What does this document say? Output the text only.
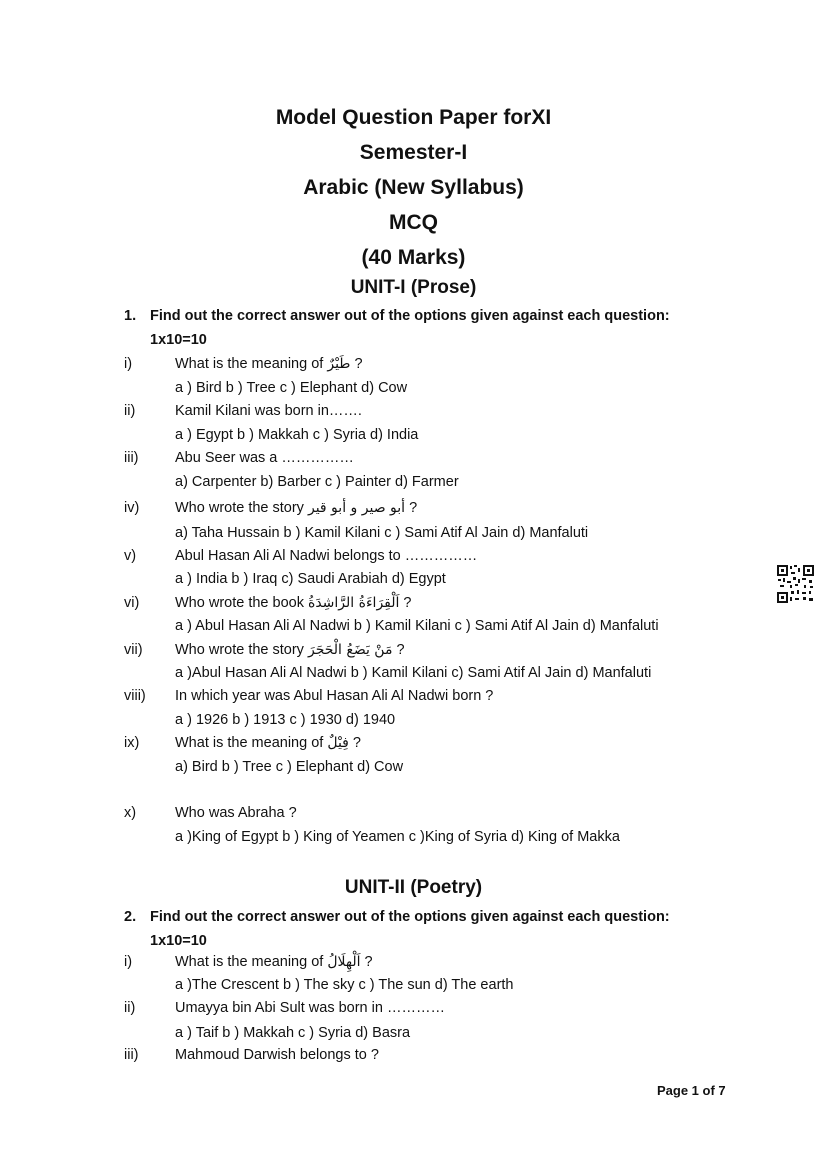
Model Question Paper forXI
Semester-I
Arabic (New Syllabus)
MCQ
(40 Marks)
UNIT-I (Prose)
1. Find out the correct answer out of the options given against each question:
1x10=10
i)	What is the meaning of طَيْرٌ ?
a ) Bird b ) Tree c ) Elephant d) Cow
ii)	Kamil Kilani was born in…….
a ) Egypt b ) Makkah c ) Syria d) India
iii)	Abu Seer was a ……………
a) Carpenter b) Barber c ) Painter d) Farmer
iv) Who wrote the story أبو صير و أبو قير ?
a) Taha Hussain b ) Kamil Kilani c ) Sami Atif Al Jain d) Manfaluti
v)	Abul Hasan Ali Al Nadwi belongs to ……………
a ) India b ) Iraq c) Saudi Arabiah d) Egypt
vi) Who wrote the book اَلْقِرَاءَةُ الرَّاشِدَةُ ?
a ) Abul Hasan Ali Al Nadwi b ) Kamil Kilani c ) Sami Atif Al Jain d) Manfaluti
vii) Who wrote the story مَنْ يَضَعُ الْحَجَرَ ?
a )Abul Hasan Ali Al Nadwi b ) Kamil Kilani c) Sami Atif Al Jain d) Manfaluti
viii) In which year was Abul Hasan Ali Al Nadwi born ?
a ) 1926 b ) 1913 c ) 1930 d) 1940
ix) What is the meaning of فِيْلٌ ?
a) Bird b ) Tree c ) Elephant d) Cow
x)	Who was Abraha ?
a )King of Egypt b ) King of Yeamen c )King of Syria d) King of Makka
UNIT-II (Poetry)
2. Find out the correct answer out of the options given against each question:
1x10=10
i)	What is the meaning of اَلْهِلَالُ ?
a )The Crescent b ) The sky c ) The sun d) The earth
ii)	Umayya bin Abi Sult was born in …………
a ) Taif b ) Makkah c ) Syria d) Basra
iii)	Mahmoud Darwish belongs to ?
Page 1 of 7
